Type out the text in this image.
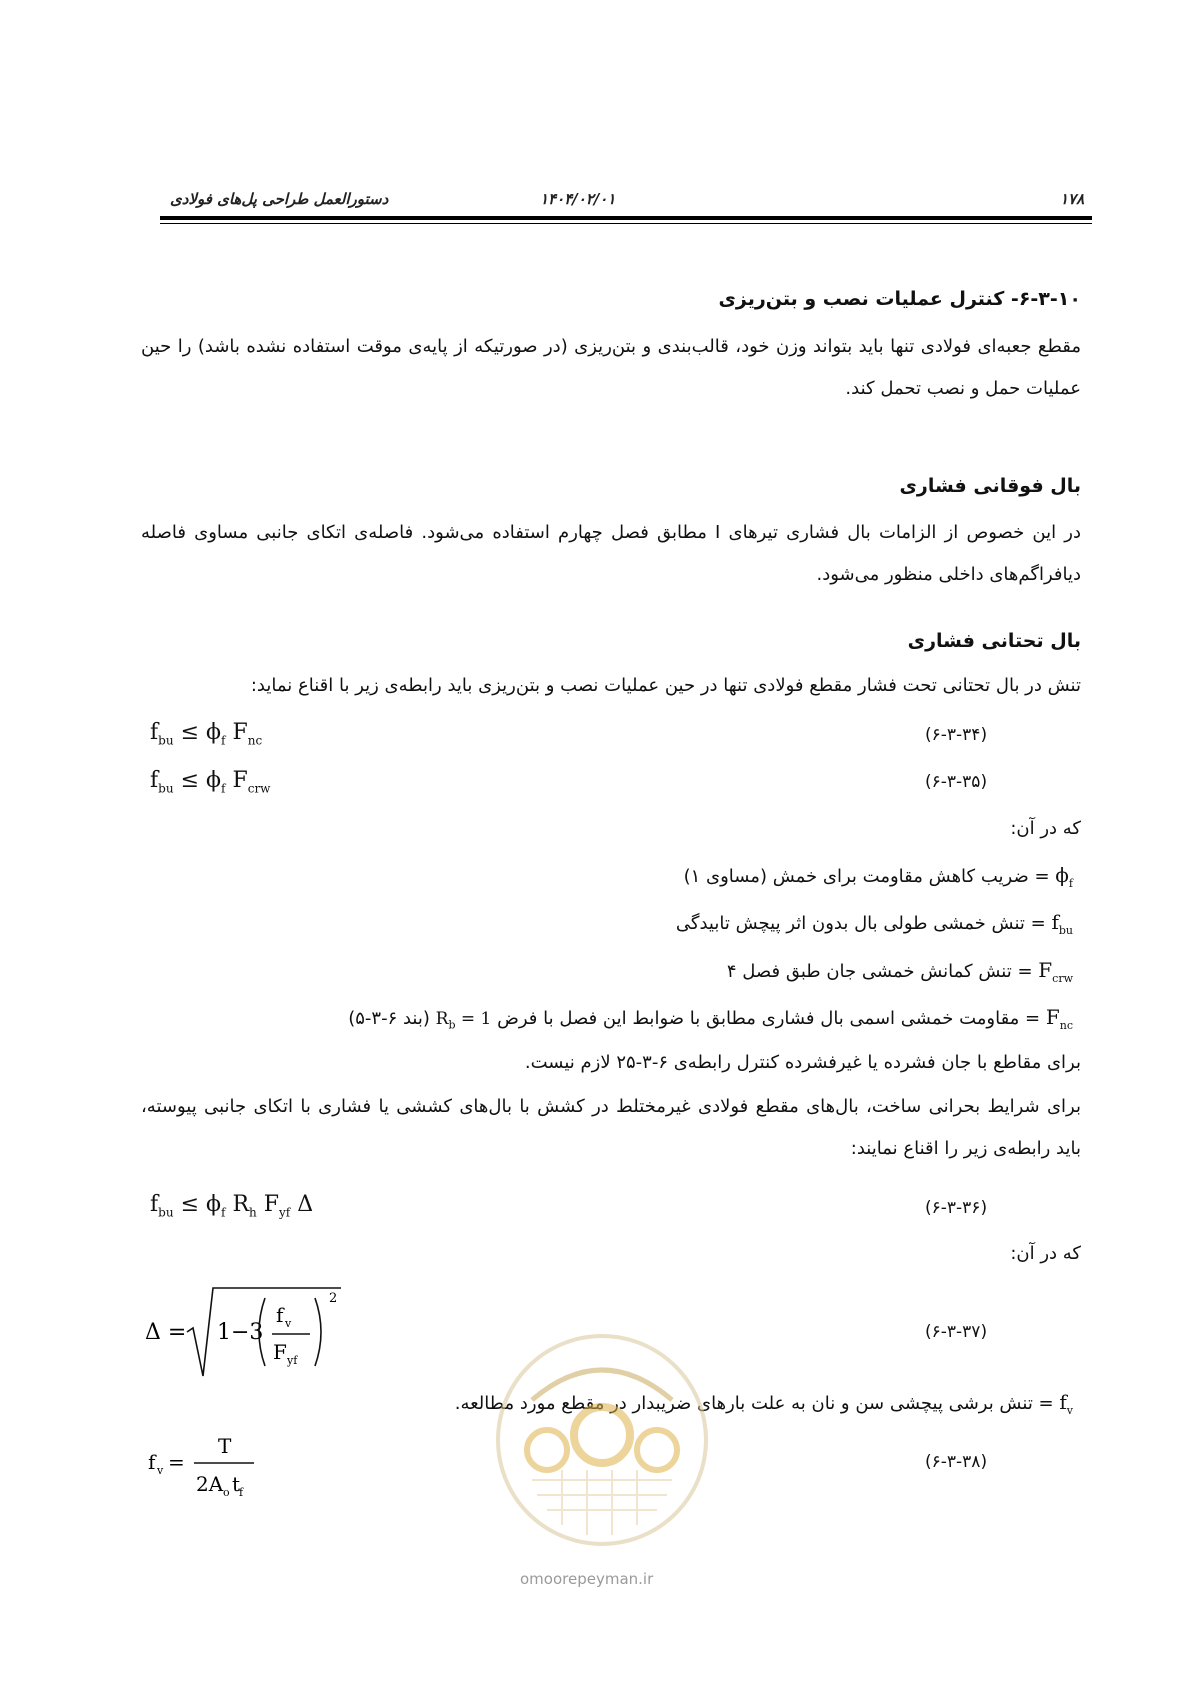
۱۷۸
۱۴۰۴/۰۲/۰۱
دستورالعمل طراحی پل‌های فولادی
۶-۳-۱۰- کنترل عملیات نصب و بتن‌ریزی
مقطع جعبه‌ای فولادی تنها باید بتواند وزن خود، قالب‌بندی و بتن‌ریزی (در صورتیکه از پایه‌ی موقت استفاده نشده باشد) را حین عملیات حمل و نصب تحمل کند.
بال فوقانی فشاری
در این خصوص از الزامات بال فشاری تیرهای I مطابق فصل چهارم استفاده می‌شود. فاصله‌ی اتکای جانبی مساوی فاصله دیافراگم‌های داخلی منظور می‌شود.
بال تحتانی فشاری
تنش در بال تحتانی تحت فشار مقطع فولادی تنها در حین عملیات نصب و بتن‌ریزی باید رابطه‌ی زیر با اقناع نماید:
$f_{bu} \le \phi_f$ $F_{nc}$	(۶-۳-۳۴)
$f_{bu} \le \phi_f$ $F_{crw}$	(۶-۳-۳۵)
که در آن:
$\phi_f$ = ضریب کاهش مقاومت برای خمش (مساوی ۱)
$f_{bu}$ = تنش خمشی طولی بال بدون اثر پیچش تابیدگی
$F_{crw}$ = تنش کمانش خمشی جان طبق فصل ۴
$F_{nc}$ = مقاومت خمشی اسمی بال فشاری مطابق با ضوابط این فصل با فرض $R_b = 1$ (بند ۶-۳-۵)
برای مقاطع با جان فشرده یا غیرفشرده کنترل رابطه‌ی ۶-۳-۲۵ لازم نیست.
برای شرایط بحرانی ساخت، بال‌های مقطع فولادی غیرمختلط در کشش با بال‌های کششی یا فشاری با اتکای جانبی پیوسته، باید رابطه‌ی زیر را اقناع نمایند:
$f_{bu} \le \phi_f$ $R_h$ $F_{yf}$ Δ	(۶-۳-۳۶)
که در آن:
Δ = 1−3
f v
F yf
2
(۶-۳-۳۷)
$f_v$ = تنش برشی پیچشی سن و نان به علت بارهای ضریبدار در مقطع مورد مطالعه.
f v =
T
2A o t
f
(۶-۳-۳۸)
omoorepeyman.ir
